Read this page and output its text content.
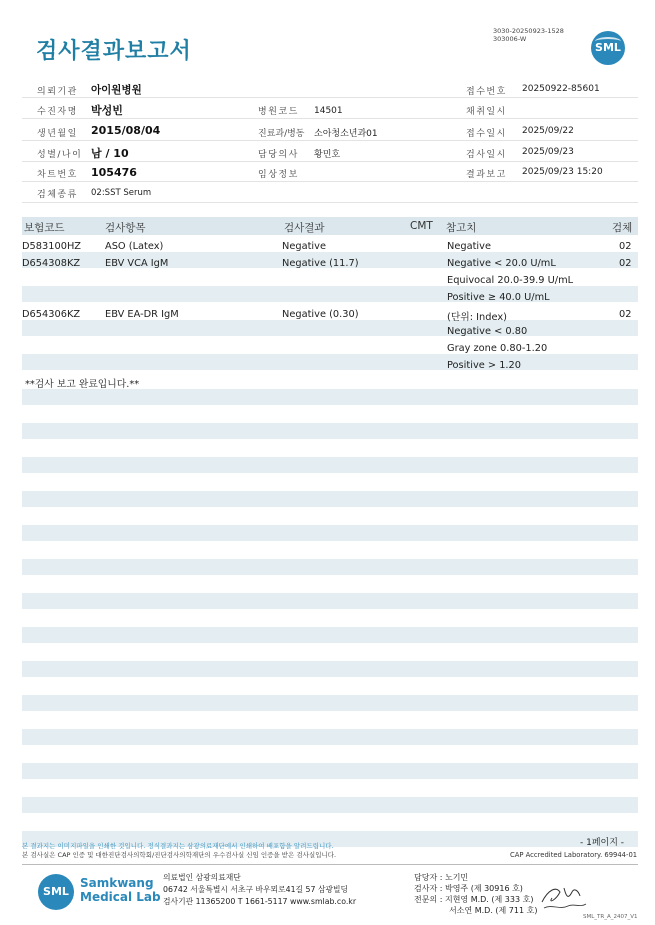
검사결과보고서
3030-20250923-1528
303006-W
SML
의뢰기관 아이원병원	접수번호 20250922-85601
수진자명 박성빈	병원코드 14501	채취일시
생년월일 2015/08/04	진료과/병동 소아청소년과01	접수일시 2025/09/22
성별/나이 남 / 10	담당의사 황민호	검사일시 2025/09/23
차트번호 105476	임상정보	결과보고 2025/09/23 15:20
검체종류 02:SST Serum
보험코드	검사항목	검사결과	CMT 참고치	검체
D583100HZ ASO (Latex)	Negative	Negative	02
D654308KZ	EBV VCA IgM	Negative (11.7)	Negative < 20.0 U/mL	02
Equivocal 20.0-39.9 U/mL
Positive ≥ 40.0 U/mL
D654306KZ	EBV EA-DR IgM	Negative (0.30)	(단위: Index)	02
Negative < 0.80
Gray zone 0.80-1.20
Positive > 1.20
**검사 보고 완료입니다.**
본 결과지는 이미지파일을 인쇄한 것입니다. 정식결과지는 삼광의료재단에서 인쇄하여 배포함을 알려드립니다.
본 검사실은 CAP 인증 및 대한진단검사의학회/진단검사의학재단의 우수검사실 신임 인증을 받은 검사실입니다.
- 1페이지 -
CAP Accredited Laboratory. 69944-01
SML
Samkwang
Medical Lab
의료법인 삼광의료재단
06742 서울특별시 서초구 바우뫼로41길 57 삼광빌딩
검사기관 11365200 T 1661-5117 www.smlab.co.kr
담당자 : 노기민
검사자 : 박영주 (제 30916 호)
전문의 : 지현영 M.D. (제 333 호)
서소연 M.D. (제 711 호)
SML_TR_A_2407_V1
